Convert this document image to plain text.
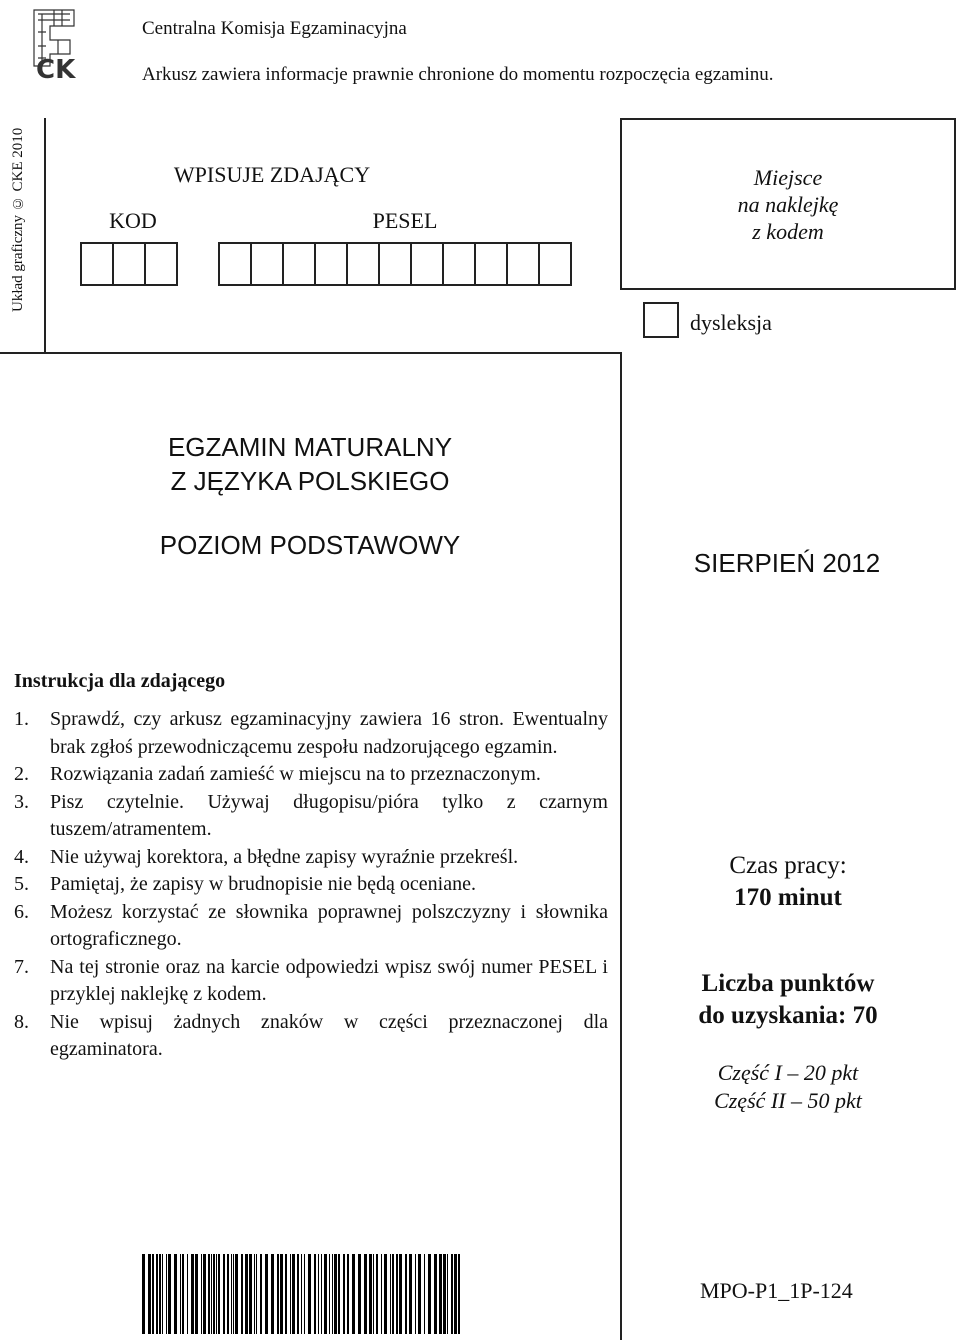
CK
Centralna Komisja Egzaminacyjna
Arkusz zawiera informacje prawnie chronione do momentu rozpoczęcia egzaminu.
Układ graficzny © CKE 2010	WPISUJE ZDAJĄCY
KOD	PESEL
Miejsce
na naklejkę
z kodem
dysleksja
EGZAMIN MATURALNY
Z JĘZYKA POLSKIEGO
POZIOM PODSTAWOWY
SIERPIEŃ 2012
Instrukcja dla zdającego
1.	Sprawdź, czy arkusz egzaminacyjny zawiera 16 stron. Ewentualny brak zgłoś przewodniczącemu zespołu nadzorującego egzamin.
2.	Rozwiązania zadań zamieść w miejscu na to przeznaczonym.
3.	Pisz czytelnie. Używaj długopisu/pióra tylko z czarnym tuszem/atramentem.
4.	Nie używaj korektora, a błędne zapisy wyraźnie przekreśl.
5.	Pamiętaj, że zapisy w brudnopisie nie będą oceniane.
6.	Możesz korzystać ze słownika poprawnej polszczyzny i słownika ortograficznego.
7.	Na tej stronie oraz na karcie odpowiedzi wpisz swój numer PESEL i przyklej naklejkę z kodem.
8.	Nie wpisuj żadnych znaków w części przeznaczonej dla egzaminatora.
Czas pracy:
170 minut
Liczba punktów
do uzyskania: 70
Część I – 20 pkt
Część II – 50 pkt
MPO-P1_1P-124
